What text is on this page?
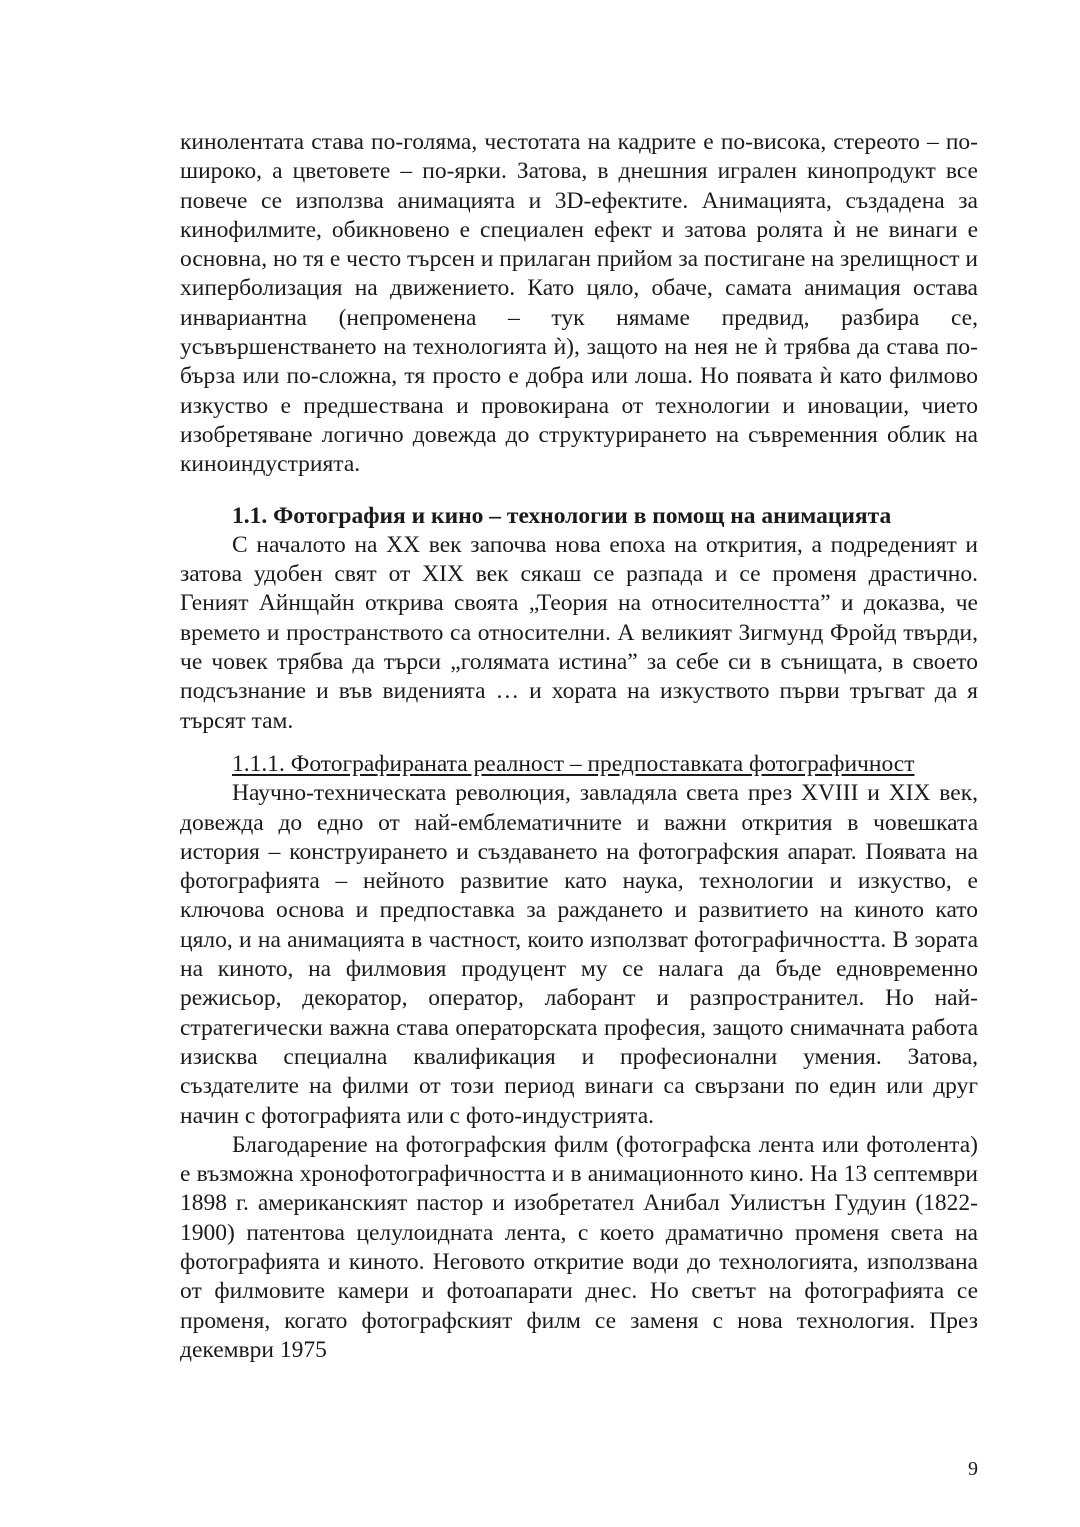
кинолентата става по-голяма, честотата на кадрите е по-висока, стереото – по-широко, а цветовете – по-ярки. Затова, в днешния игрален кинопродукт все повече се използва анимацията и 3D-ефектите. Анимацията, създадена за кинофилмите, обикновено е специален ефект и затова ролята ѝ не винаги е основна, но тя е често търсен и прилаган прийом за постигане на зрелищност и хиперболизация на движението. Като цяло, обаче, самата анимация остава инвариантна (непроменена – тук нямаме предвид, разбира се, усъвършенстването на технологията ѝ), защото на нея не ѝ трябва да става по-бърза или по-сложна, тя просто е добра или лоша. Но появата ѝ като филмово изкуство е предшествана и провокирана от технологии и иновации, чието изобретяване логично довежда до структурирането на съвременния облик на киноиндустрията.

1.1. Фотография и кино – технологии в помощ на анимацията

С началото на XX век започва нова епоха на открития, а подреденият и затова удобен свят от XIX век сякаш се разпада и се променя драстично. Геният Айнщайн открива своята „Теория на относителността” и доказва, че времето и пространството са относителни. А великият Зигмунд Фройд твърди, че човек трябва да търси „голямата истина” за себе си в сънищата, в своето подсъзнание и във виденията … и хората на изкуството първи тръгват да я търсят там.

1.1.1. Фотографираната реалност – предпоставката фотографичност

Научно-техническата революция, завладяла света през XVIII и XIX век, довежда до едно от най-емблематичните и важни открития в човешката история – конструирането и създаването на фотографския апарат. Появата на фотографията – нейното развитие като наука, технологии и изкуство, е ключова основа и предпоставка за раждането и развитието на киното като цяло, и на анимацията в частност, които използват фотографичността. В зората на киното, на филмовия продуцент му се налага да бъде едновременно режисьор, декоратор, оператор, лаборант и разпространител. Но най-стратегически важна става операторската професия, защото снимачната работа изисква специална квалификация и професионални умения. Затова, създателите на филми от този период винаги са свързани по един или друг начин с фотографията или с фото-индустрията.

Благодарение на фотографския филм (фотографска лента или фотолента) е възможна хронофотографичността и в анимационното кино. На 13 септември 1898 г. американският пастор и изобретател Анибал Уилистън Гудуин (1822-1900) патентова целулоидната лента, с което драматично променя света на фотографията и киното. Неговото откритие води до технологията, използвана от филмовите камери и фотоапарати днес. Но светът на фотографията се променя, когато фотографският филм се заменя с нова технология. През декември 1975

9
